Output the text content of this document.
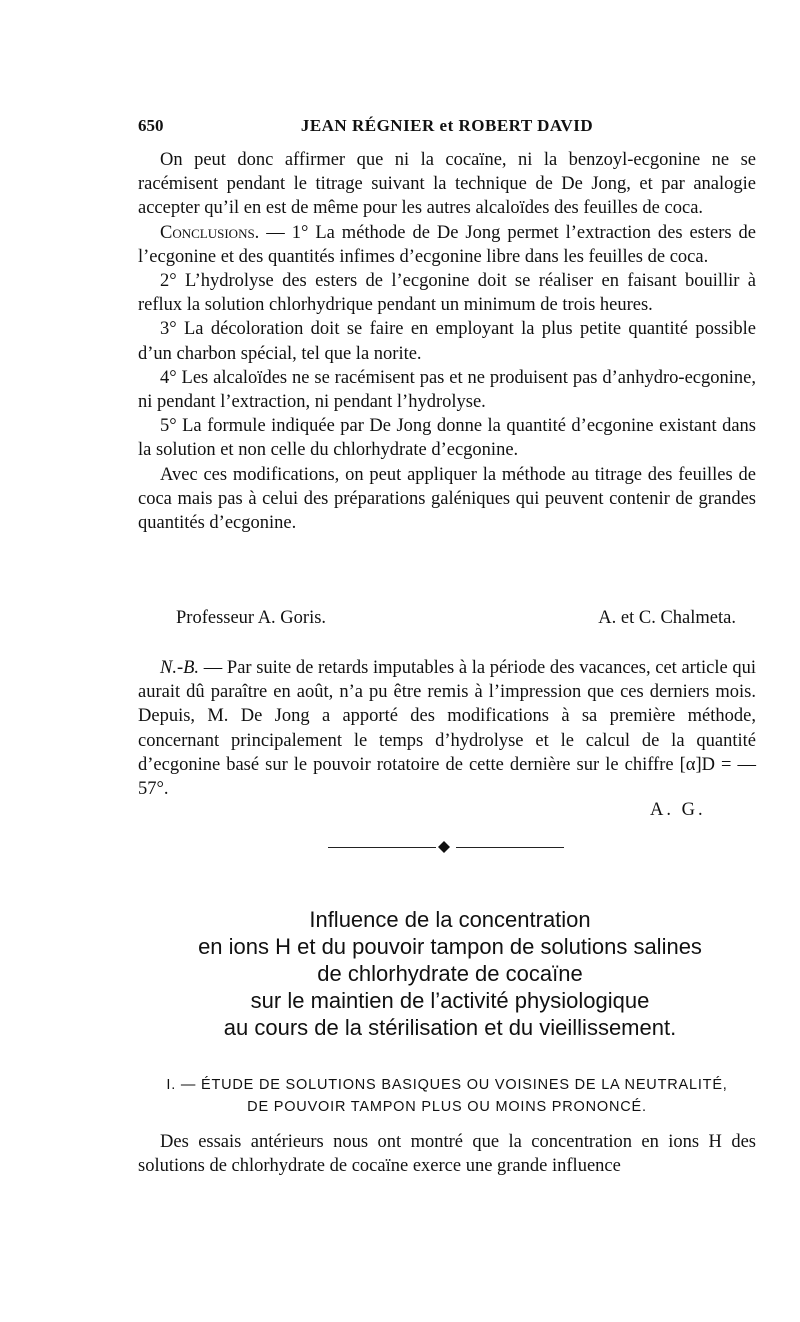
650	JEAN RÉGNIER et ROBERT DAVID

On peut donc affirmer que ni la cocaïne, ni la benzoyl-ecgonine ne se racémisent pendant le titrage suivant la technique de De Jong, et par analogie accepter qu’il en est de même pour les autres alcaloïdes des feuilles de coca.

Conclusions. — 1° La méthode de De Jong permet l’extraction des esters de l’ecgonine et des quantités infimes d’ecgonine libre dans les feuilles de coca.

2° L’hydrolyse des esters de l’ecgonine doit se réaliser en faisant bouillir à reflux la solution chlorhydrique pendant un minimum de trois heures.

3° La décoloration doit se faire en employant la plus petite quantité possible d’un charbon spécial, tel que la norite.

4° Les alcaloïdes ne se racémisent pas et ne produisent pas d’anhydro-ecgonine, ni pendant l’extraction, ni pendant l’hydrolyse.

5° La formule indiquée par De Jong donne la quantité d’ecgonine existant dans la solution et non celle du chlorhydrate d’ecgonine.

Avec ces modifications, on peut appliquer la méthode au titrage des feuilles de coca mais pas à celui des préparations galéniques qui peuvent contenir de grandes quantités d’ecgonine.

Professeur A. Goris.	A. et C. Chalmeta.

N.-B. — Par suite de retards imputables à la période des vacances, cet article qui aurait dû paraître en août, n’a pu être remis à l’impression que ces derniers mois. Depuis, M. De Jong a apporté des modifications à sa première méthode, concernant principalement le temps d’hydrolyse et le calcul de la quantité d’ecgonine basé sur le pouvoir rotatoire de cette dernière sur le chiffre [α]D = —57°.

A. G.
Influence de la concentration
en ions H et du pouvoir tampon de solutions salines
de chlorhydrate de cocaïne
sur le maintien de l’activité physiologique
au cours de la stérilisation et du vieillissement.
I. — ÉTUDE DE SOLUTIONS BASIQUES OU VOISINES DE LA NEUTRALITÉ,
DE POUVOIR TAMPON PLUS OU MOINS PRONONCÉ.

Des essais antérieurs nous ont montré que la concentration en ions H des solutions de chlorhydrate de cocaïne exerce une grande influence
